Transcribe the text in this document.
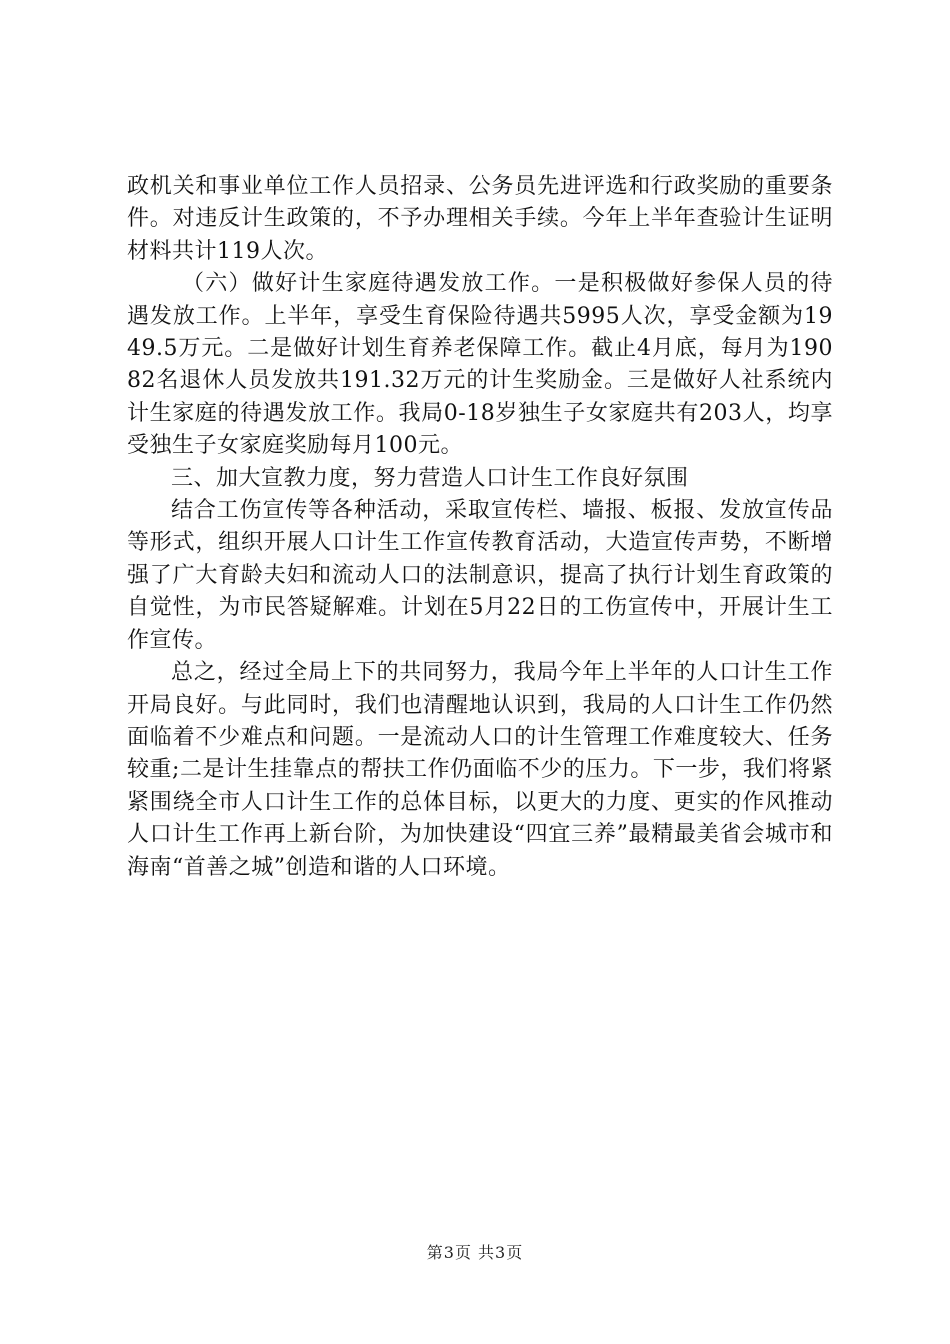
政机关和事业单位工作人员招录、公务员先进评选和行政奖励的重要条件。对违反计生政策的，不予办理相关手续。今年上半年查验计生证明材料共计119人次。

（六）做好计生家庭待遇发放工作。一是积极做好参保人员的待遇发放工作。上半年，享受生育保险待遇共5995人次，享受金额为1949.5万元。二是做好计划生育养老保障工作。截止4月底，每月为19082名退休人员发放共191.32万元的计生奖励金。三是做好人社系统内计生家庭的待遇发放工作。我局0-18岁独生子女家庭共有203人，均享受独生子女家庭奖励每月100元。

三、加大宣教力度，努力营造人口计生工作良好氛围

结合工伤宣传等各种活动，采取宣传栏、墙报、板报、发放宣传品等形式，组织开展人口计生工作宣传教育活动，大造宣传声势，不断增强了广大育龄夫妇和流动人口的法制意识，提高了执行计划生育政策的自觉性，为市民答疑解难。计划在5月22日的工伤宣传中，开展计生工作宣传。

总之，经过全局上下的共同努力，我局今年上半年的人口计生工作开局良好。与此同时，我们也清醒地认识到，我局的人口计生工作仍然面临着不少难点和问题。一是流动人口的计生管理工作难度较大、任务较重;二是计生挂靠点的帮扶工作仍面临不少的压力。下一步，我们将紧紧围绕全市人口计生工作的总体目标，以更大的力度、更实的作风推动人口计生工作再上新台阶，为加快建设“四宜三养”最精最美省会城市和海南“首善之城”创造和谐的人口环境。

第3页 共3页
